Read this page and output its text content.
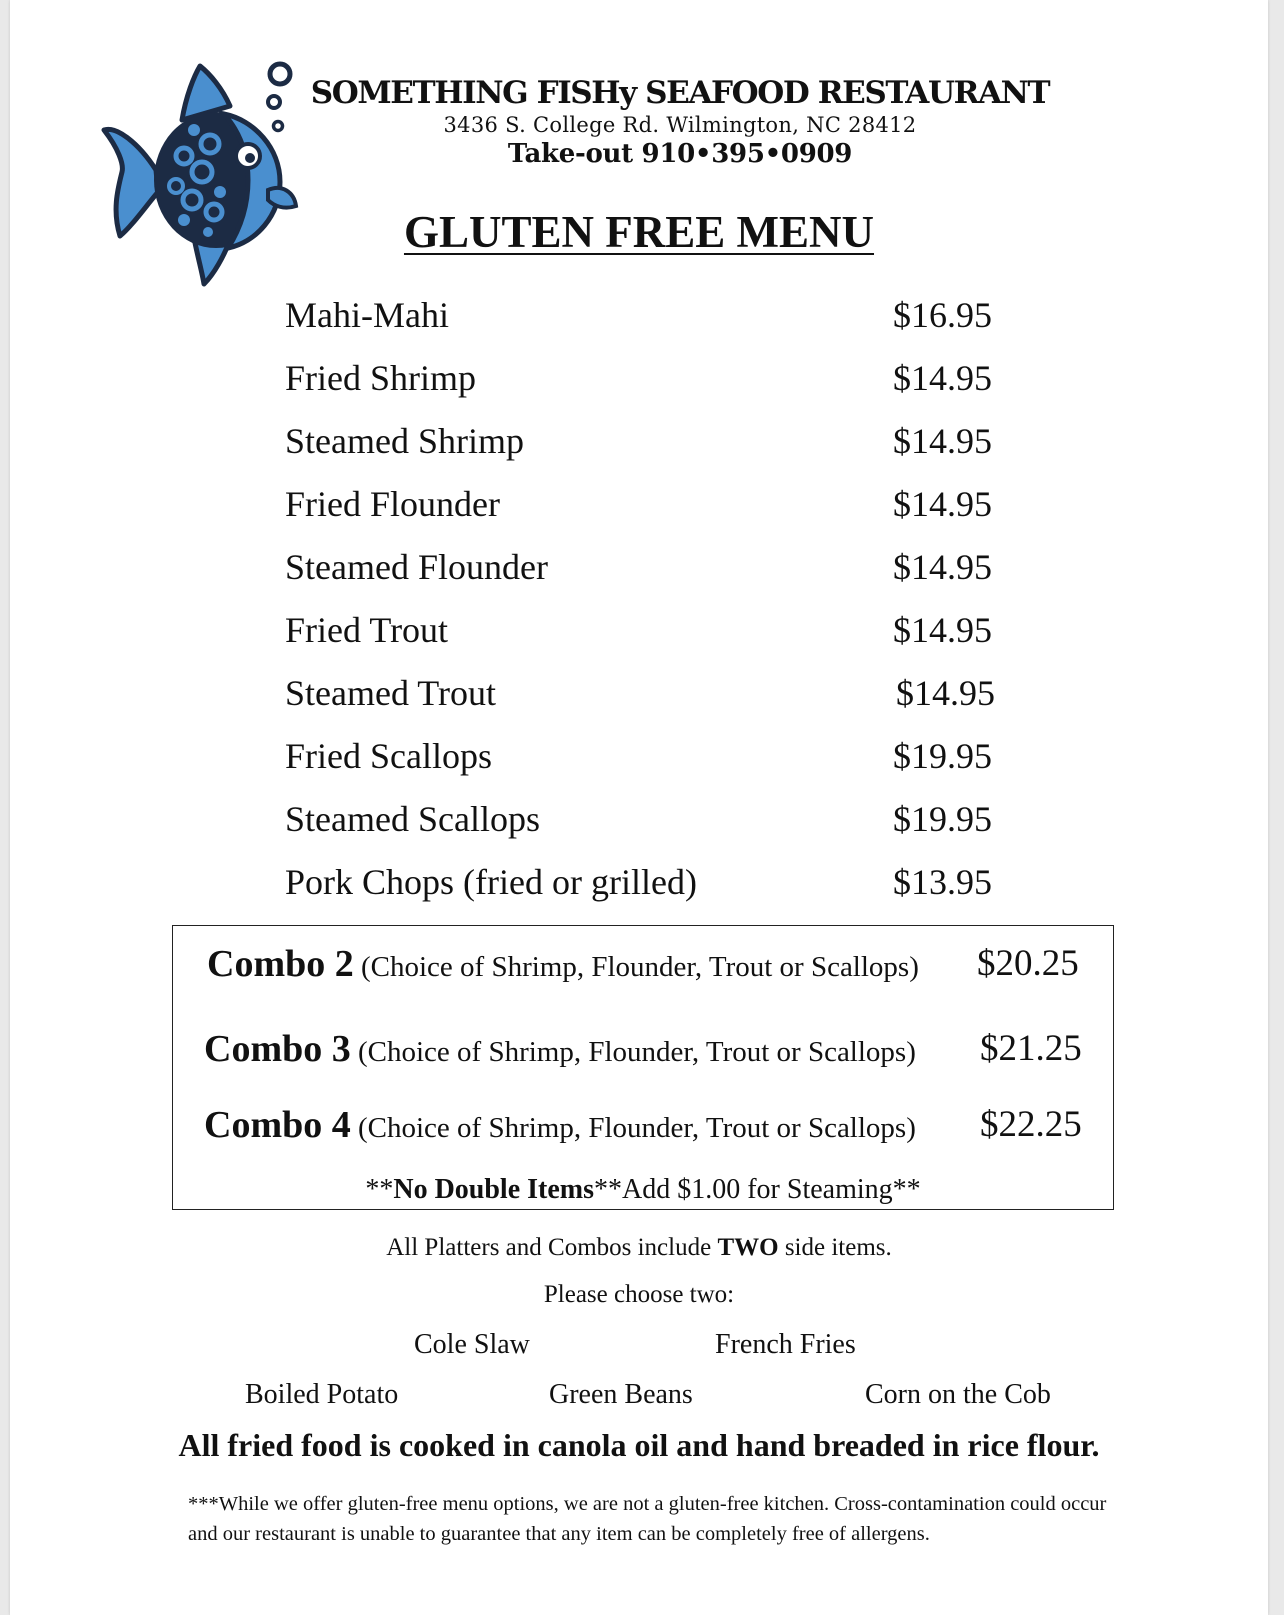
SOMETHING FISHy SEAFOOD RESTAURANT
3436 S. College Rd. Wilmington, NC 28412
Take-out 910•395•0909
GLUTEN FREE MENU
Mahi-Mahi	$16.95
Fried Shrimp	$14.95
Steamed Shrimp	$14.95
Fried Flounder	$14.95
Steamed Flounder	$14.95
Fried Trout	$14.95
Steamed Trout	$14.95
Fried Scallops	$19.95
Steamed Scallops	$19.95
Pork Chops (fried or grilled)	$13.95
Combo 2 (Choice of Shrimp, Flounder, Trout or Scallops) $20.25
Combo 3 (Choice of Shrimp, Flounder, Trout or Scallops) $21.25
Combo 4 (Choice of Shrimp, Flounder, Trout or Scallops) $22.25
**No Double Items**Add $1.00 for Steaming**
All Platters and Combos include TWO side items.
Please choose two:
Cole Slaw	French Fries
Boiled Potato	Green Beans	Corn on the Cob
All fried food is cooked in canola oil and hand breaded in rice flour.
***While we offer gluten-free menu options, we are not a gluten-free kitchen. Cross-contamination could occur and our restaurant is unable to guarantee that any item can be completely free of allergens.
